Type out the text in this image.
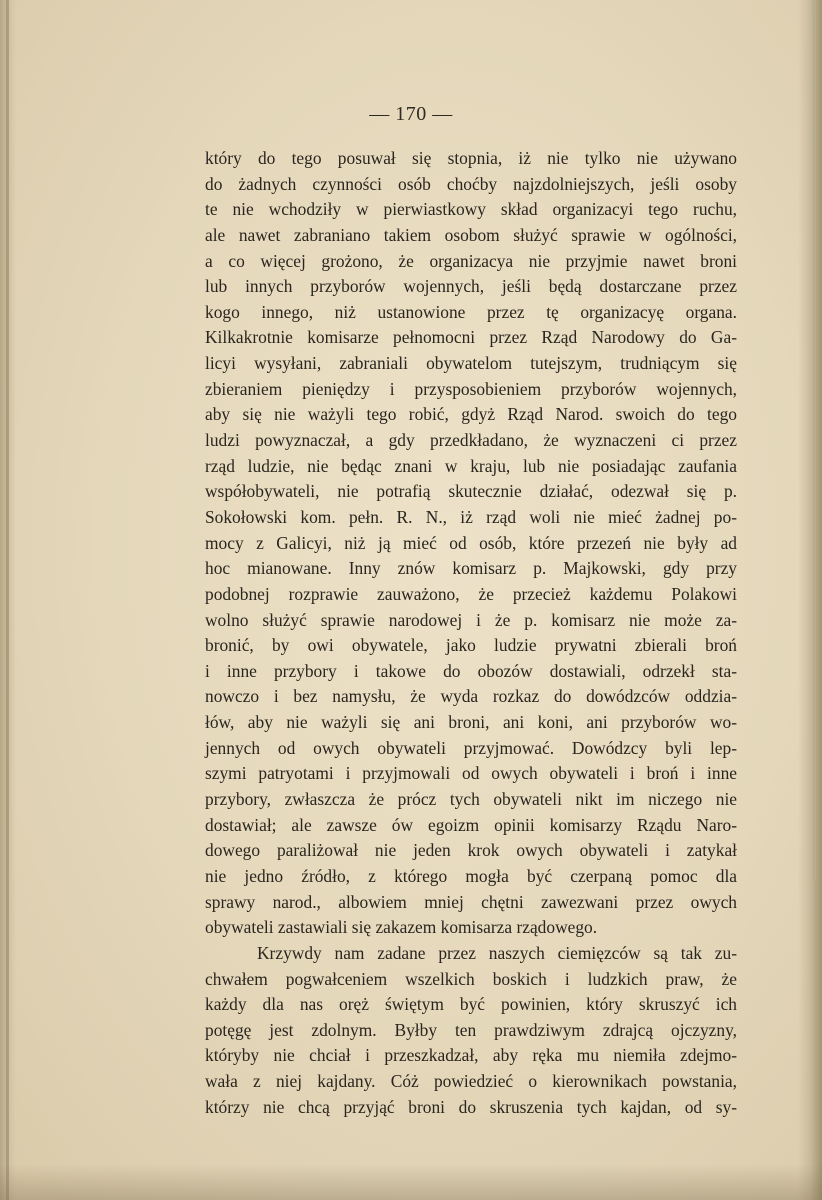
— 170 —
który do tego posuwał się stopnia, iż nie tylko nie używano
do żadnych czynności osób choćby najzdolniejszych, jeśli osoby
te nie wchodziły w pierwiastkowy skład organizacyi tego ruchu,
ale nawet zabraniano takiem osobom służyć sprawie w ogólności,
a co więcej grożono, że organizacya nie przyjmie nawet broni
lub innych przyborów wojennych, jeśli będą dostarczane przez
kogo innego, niż ustanowione przez tę organizacyę organa.
Kilkakrotnie komisarze pełnomocni przez Rząd Narodowy do Ga-
licyi wysyłani, zabraniali obywatelom tutejszym, trudniącym się
zbieraniem pieniędzy i przysposobieniem przyborów wojennych,
aby się nie ważyli tego robić, gdyż Rząd Narod. swoich do tego
ludzi powyznaczał, a gdy przedkładano, że wyznaczeni ci przez
rząd ludzie, nie będąc znani w kraju, lub nie posiadając zaufania
współobywateli, nie potrafią skutecznie działać, odezwał się p.
Sokołowski kom. pełn. R. N., iż rząd woli nie mieć żadnej po-
mocy z Galicyi, niż ją mieć od osób, które przezeń nie były ad
hoc mianowane. Inny znów komisarz p. Majkowski, gdy przy
podobnej rozprawie zauważono, że przecież każdemu Polakowi
wolno służyć sprawie narodowej i że p. komisarz nie może za-
bronić, by owi obywatele, jako ludzie prywatni zbierali broń
i inne przybory i takowe do obozów dostawiali, odrzekł sta-
nowczo i bez namysłu, że wyda rozkaz do dowódzców oddzia-
łów, aby nie ważyli się ani broni, ani koni, ani przyborów wo-
jennych od owych obywateli przyjmować. Dowódzcy byli lep-
szymi patryotami i przyjmowali od owych obywateli i broń i inne
przybory, zwłaszcza że prócz tych obywateli nikt im niczego nie
dostawiał; ale zawsze ów egoizm opinii komisarzy Rządu Naro-
dowego paraliżował nie jeden krok owych obywateli i zatykał
nie jedno źródło, z którego mogła być czerpaną pomoc dla
sprawy narod., albowiem mniej chętni zawezwani przez owych
obywateli zastawiali się zakazem komisarza rządowego.
Krzywdy nam zadane przez naszych ciemięzców są tak zu-
chwałem pogwałceniem wszelkich boskich i ludzkich praw, że
każdy dla nas oręż świętym być powinien, który skruszyć ich
potęgę jest zdolnym. Byłby ten prawdziwym zdrajcą ojczyzny,
któryby nie chciał i przeszkadzał, aby ręka mu niemiła zdejmo-
wała z niej kajdany. Cóż powiedzieć o kierownikach powstania,
którzy nie chcą przyjąć broni do skruszenia tych kajdan, od sy-
